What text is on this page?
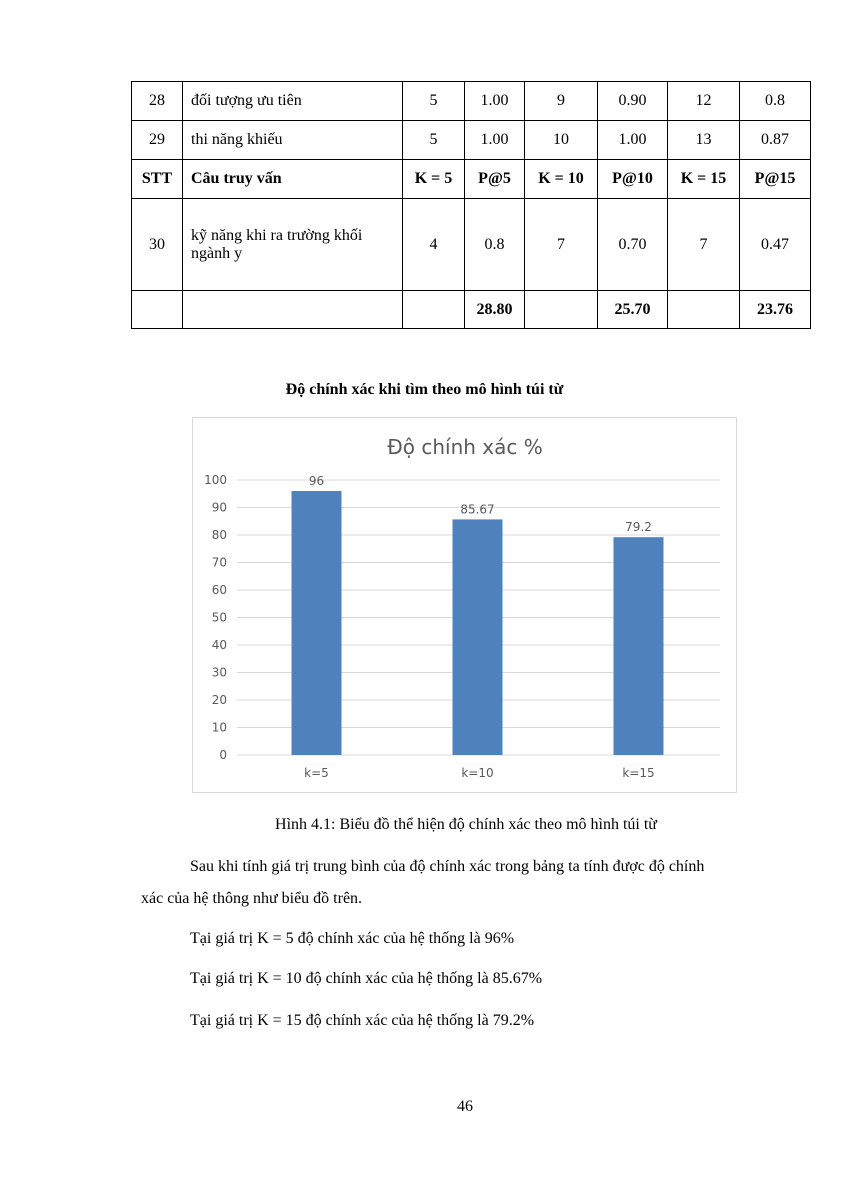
28	đối tượng ưu tiên	5	1.00	9	0.90	12	0.8
29	thi năng khiếu	5	1.00	10	1.00	13	0.87
STT	Câu truy vấn	K = 5	P@5	K = 10	P@10	K = 15	P@15
30	kỹ năng khi ra trường khối ngành y	4	0.8	7	0.70	7	0.47
			28.80		25.70		23.76
Độ chính xác khi tìm theo mô hình túi từ
Độ chính xác %
0
10
20
30
40
50
60
70
80
90
100	96
k=5
85.67
k=10
79.2
k=15
Hình 4.1: Biểu đồ thể hiện độ chính xác theo mô hình túi từ
Sau khi tính giá trị trung bình của độ chính xác trong bảng ta tính được độ chính
xác của hệ thông như biểu đồ trên.
Tại giá trị K = 5 độ chính xác của hệ thống là 96%
Tại giá trị K = 10 độ chính xác của hệ thống là 85.67%
Tại giá trị K = 15 độ chính xác của hệ thống là 79.2%
46
